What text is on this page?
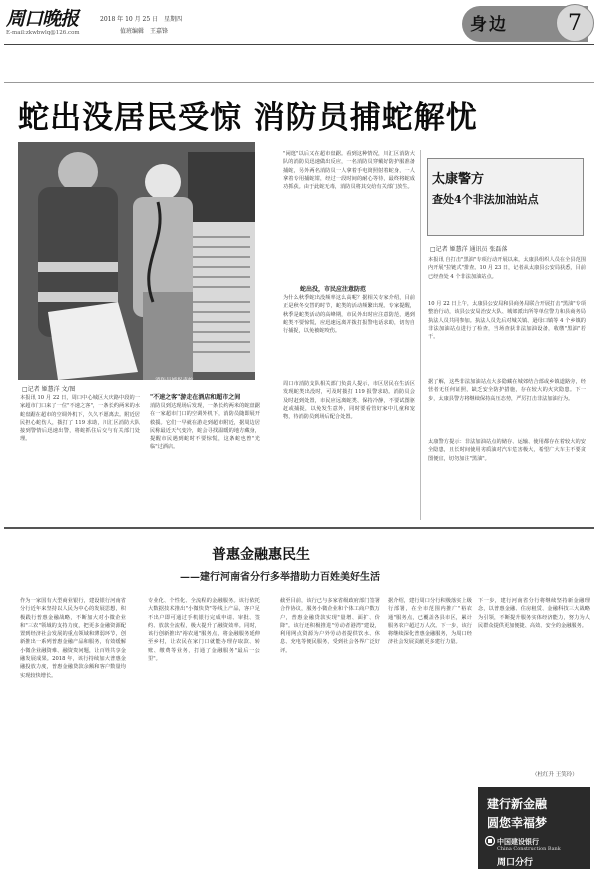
周口晚报	2018 年 10 月 25 日　星期四
E-mail:zkwbwlq@126.com	值班编辑　王嘉锋	身边	7
蛇出没居民受惊 消防员捕蛇解忧
消防员捕捉毒蛇
□记者 姬慧洋 文/图
本报讯 10 月 22 日，周口中心城区大庆路中段的一家超市门口来了一位"不速之客"，一条长约两米的水蛇盘踞在超市的空调外机下，久久不愿离去。附近居民担心蛇伤人，拨打了 119 求助，川汇区消防大队接到警情后迅速出警，将蛇抓住后交与有关部门处理。
"不速之客"游走在酒店和超市之间
消防员到达现场后发现，一条长约两米的蛇盘踞在一家超市门口的空调外机下，消防员随即展开救援。它们一早就在游走到超市附近，据周边居民称最近天气变冷，蛇会寻找温暖的地方藏身，提醒市民遇到蛇时不要惊慌，这条蛇也曾"光临"过酒店。
"闲逛"以后又在超市盘踞。看到这种情况，川汇区消防大队的消防员迅速做出反应，一名消防员穿戴好防护服准备捕蛇，另外两名消防员一人拿着手电筒照射着蛇身，一人拿着专用捕蛇钳，经过一段时间的耐心等待，最终将蛇成功抓获。由于此蛇无毒，消防员将其交给有关部门放生。
蛇出没，市民应注意防范
为什么秋季蛇出没频率这么高呢？据相关专家介绍，目前正是秋冬交替的时节，蛇类的活动频繁出现。专家提醒，秋季是蛇类活动的高峰期，市民外出时应注意防范，遇到蛇类不要惊慌，应迅速远离并拨打报警电话求助，切勿自行捕捉，以免被蛇咬伤。
周口市消防支队相关部门负责人提示，市区居民在生活区发现蛇类出没时，可及时拨打 119 报警求助。消防员会及时赶到处置，市民应远离蛇类、保持冷静，不要试图驱赶或捕捉，以免发生意外，同时要看管好家中儿童和宠物，待消防员到场后配合处置。
太康警方
查处4个非法加油站点
□记者 姬慧洋 通讯员 张磊落
本报讯 自打击"黑油"专项行动开展以来，太康县组织人员在全县范围内开展"拉链式"排查。10 月 23 日，记者从太康县公安局获悉，目前已经查处 4 个非法加油站点。
10 月 22 日上午，太康县公安局和县商务局联合开展打击"黑油"专项整治行动，该县公安局治安大队、城郊派出所等单位警力和县商务局执法人员共同参加。执法人员先后对城关镇、逊母口镇等 4 个乡镇的非法加油站点进行了检查，当场查获非法加油设备，收缴"黑油"若干。
据了解，这些非法加油站点大多隐藏在城郊结合部或乡镇道路旁，经营者无任何证照，缺乏安全防护措施，存在较大的火灾隐患。下一步，太康县警方将继续保持高压态势，严厉打击非法加油行为。
太康警方提示：非法加油站点的储存、运输、使用都存在着较大的安全隐患，且长时间使用劣质油对汽车危害极大，希望广大车主不要贪图便宜，切勿加注"黑油"。
普惠金融惠民生
——建行河南省分行多举措助力百姓美好生活
作为一家国有大型商业银行，建设银行河南省分行近年来坚持以人民为中心的发展思想，积极践行普惠金融战略，不断加大对小微企业和"三农"领域的支持力度，把更多金融资源配置到经济社会发展的重点领域和薄弱环节，创新推出一系列普惠金融产品和服务，有效缓解小微企业融资难、融资贵问题，让百姓共享金融发展成果。2018 年，该行持续加大普惠金融投放力度，普惠金融贷款余额和客户数量均实现较快增长。
专业化、个性化、全流程的金融服务。该行依托大数据技术推出"小微快贷"等线上产品，客户足不出户即可通过手机银行完成申请、审批、签约、放款全流程，极大提升了融资效率。同时，该行创新推出"裕农通"服务点，将金融服务延伸至乡村，让农民在家门口就能办理存取款、转账、缴费等业务，打通了金融服务"最后一公里"。
截至目前，该行已与多家省级政府部门签署合作协议，服务小微企业和个体工商户数万户，普惠金融贷款实现"量增、面扩、价降"。该行还积极推进"劳动者港湾"建设，利用网点资源为户外劳动者提供饮水、休息、充电等便民服务，受到社会各界广泛好评。
据介绍，建行周口分行积极落实上级行部署，在全市范围内推广"裕农通"服务点，已覆盖各县市区，累计服务农户超过万人次。下一步，该行将继续深化普惠金融服务，为周口经济社会发展贡献更多建行力量。
下一步，建行河南省分行将继续坚持新金融理念，以普惠金融、住房租赁、金融科技三大战略为引领，不断提升服务实体经济能力，努力为人民群众提供更加便捷、高效、安全的金融服务。
（杜红升 王笑玲）
建行新金融
圆您幸福梦
中国建设银行
China Construction Bank
周口分行
